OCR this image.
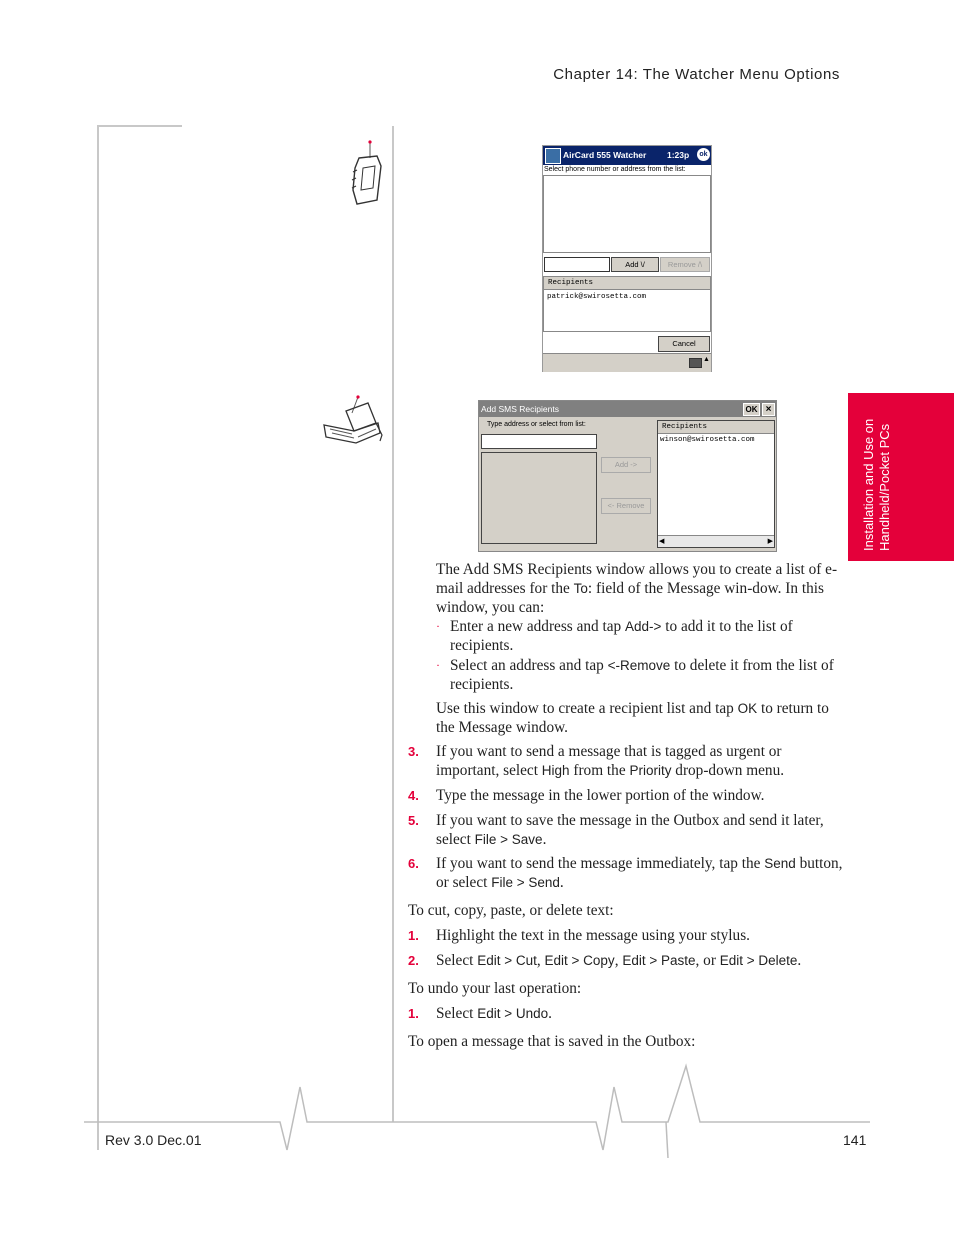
Chapter 14: The Watcher Menu Options
Installation and Use on Handheld/Pocket PCs
AirCard 555 Watcher 1:23p	ok
Select phone number or address from the list:
Add \/	Remove /\
Recipients
patrick@swirosetta.com
Cancel
▲
Add SMS Recipients	OK ×
Type address or select from list:
Add ->
<- Remove
Recipients
winson@swirosetta.com
◀	▶
The Add SMS Recipients window allows you to create a list of e-mail addresses for the To: field of the Message win-dow. In this window, you can:
· Enter a new address and tap Add-> to add it to the list of recipients.
· Select an address and tap <-Remove to delete it from the list of recipients.
Use this window to create a recipient list and tap OK to return to the Message window.
3. If you want to send a message that is tagged as urgent or important, select High from the Priority drop-down menu.
4. Type the message in the lower portion of the window.
5. If you want to save the message in the Outbox and send it later, select File > Save.
6. If you want to send the message immediately, tap the Send button, or select File > Send.
To cut, copy, paste, or delete text:
1. Highlight the text in the message using your stylus.
2. Select Edit > Cut, Edit > Copy, Edit > Paste, or Edit > Delete.
To undo your last operation:
1. Select Edit > Undo.
To open a message that is saved in the Outbox:
Rev 3.0 Dec.01	141
